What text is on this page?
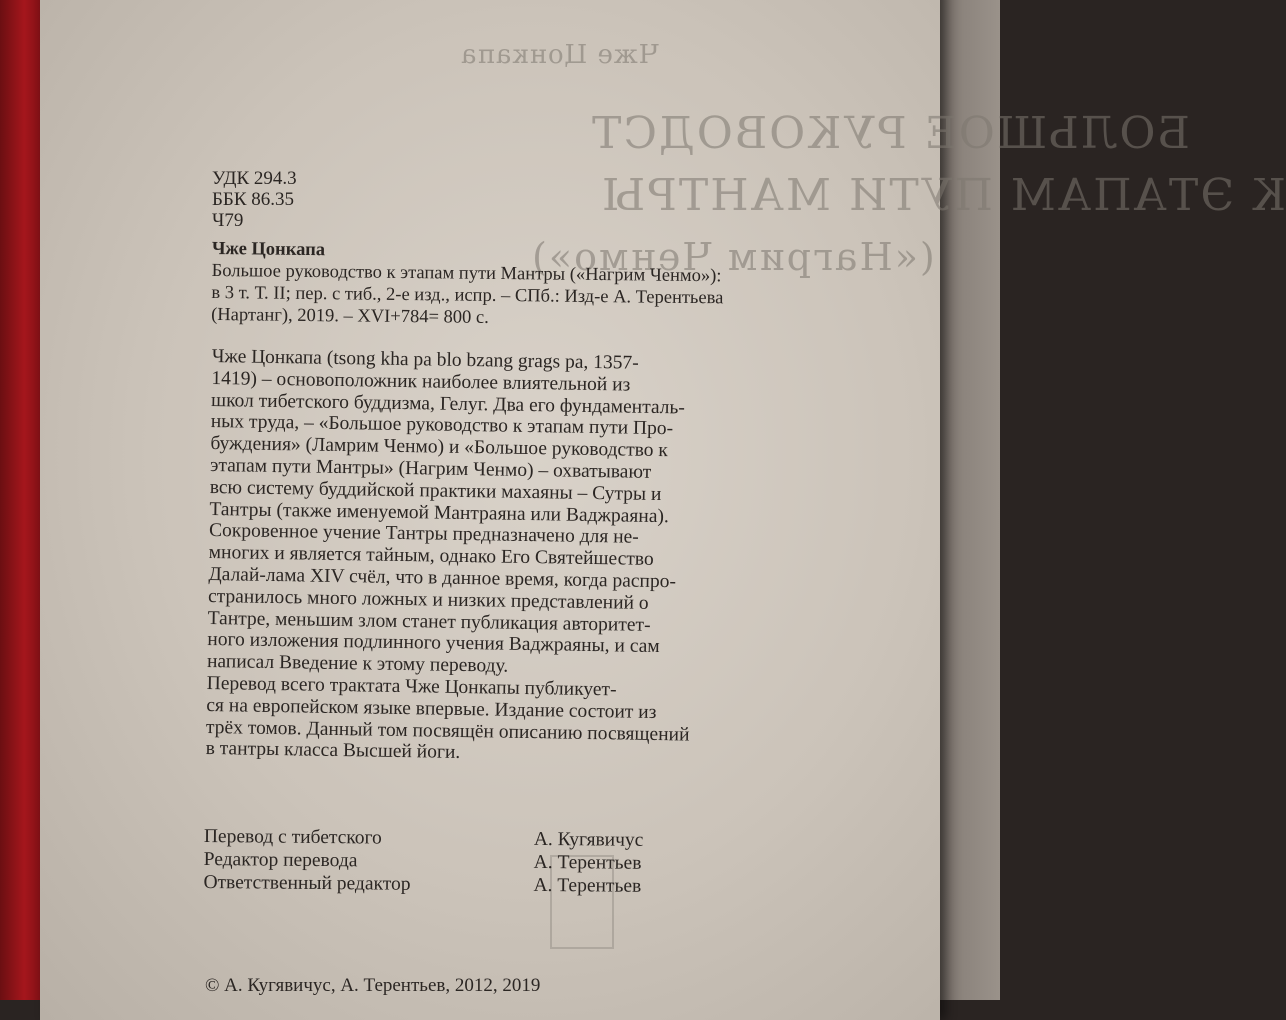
Чже Цонкапа
БОЛЬШОЕ РУКОВОДСТ
К ЭТАПАМ ПУТИ МАНТРЫ
(«Нагрим Ченмо»)
УДК 294.3
ББК 86.35
Ч79
Чже Цонкапа
Большое руководство к этапам пути Мантры («Нагрим Ченмо»):
в 3 т. Т. II; пер. с тиб., 2-е изд., испр. – СПб.: Изд-е А. Терентьева
(Нартанг), 2019. – XVI+784= 800 с.
Чже Цонкапа (tsong kha pa blo bzang grags pa, 1357-
1419) – основоположник наиболее влиятельной из
школ тибетского буддизма, Гелуг. Два его фундаменталь-
ных труда, – «Большое руководство к этапам пути Про-
буждения» (Ламрим Ченмо) и «Большое руководство к
этапам пути Мантры» (Нагрим Ченмо) – охватывают
всю систему буддийской практики махаяны – Сутры и
Тантры (также именуемой Мантраяна или Ваджраяна).
Сокровенное учение Тантры предназначено для не-
многих и является тайным, однако Его Святейшество
Далай-лама XIV счёл, что в данное время, когда распро-
странилось много ложных и низких представлений о
Тантре, меньшим злом станет публикация авторитет-
ного изложения подлинного учения Ваджраяны, и сам
написал Введение к этому переводу.
Перевод всего трактата Чже Цонкапы публикует-
ся на европейском языке впервые. Издание состоит из
трёх томов. Данный том посвящён описанию посвящений
в тантры класса Высшей йоги.
Перевод с тибетского	А. Кугявичус
Редактор перевода	А. Терентьев
Ответственный редактор	А. Терентьев
© А. Кугявичус, А. Терентьев, 2012, 2019
